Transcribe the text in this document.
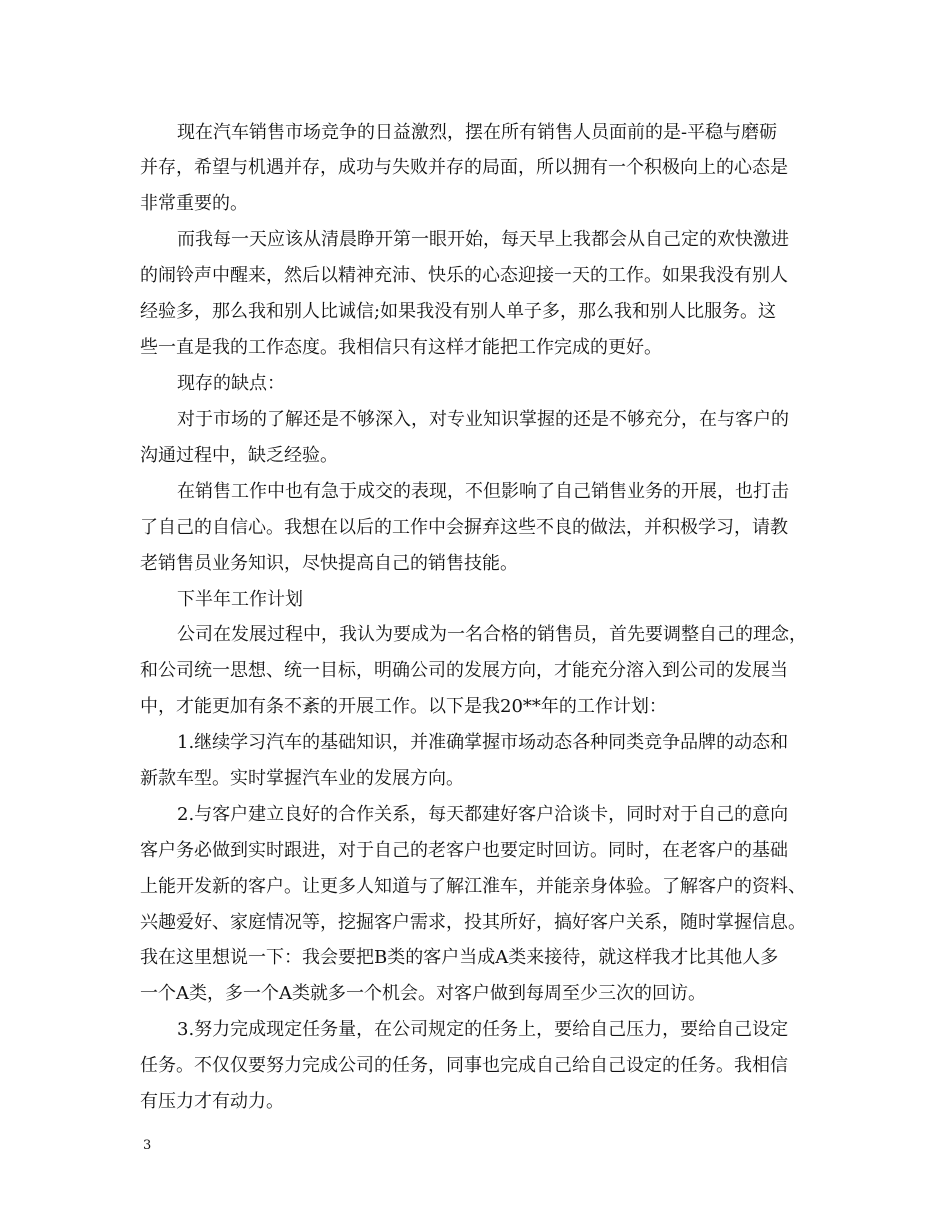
现在汽车销售市场竞争的日益激烈，摆在所有销售人员面前的是-平稳与磨砺
并存，希望与机遇并存，成功与失败并存的局面，所以拥有一个积极向上的心态是
非常重要的。
而我每一天应该从清晨睁开第一眼开始，每天早上我都会从自己定的欢快激进
的闹铃声中醒来，然后以精神充沛、快乐的心态迎接一天的工作。如果我没有别人
经验多，那么我和别人比诚信;如果我没有别人单子多，那么我和别人比服务。这
些一直是我的工作态度。我相信只有这样才能把工作完成的更好。
现存的缺点：
对于市场的了解还是不够深入，对专业知识掌握的还是不够充分，在与客户的
沟通过程中，缺乏经验。
在销售工作中也有急于成交的表现，不但影响了自己销售业务的开展，也打击
了自己的自信心。我想在以后的工作中会摒弃这些不良的做法，并积极学习，请教
老销售员业务知识，尽快提高自己的销售技能。
下半年工作计划
公司在发展过程中，我认为要成为一名合格的销售员，首先要调整自己的理念，
和公司统一思想、统一目标，明确公司的发展方向，才能充分溶入到公司的发展当
中，才能更加有条不紊的开展工作。以下是我20**年的工作计划：
1.继续学习汽车的基础知识，并准确掌握市场动态各种同类竞争品牌的动态和
新款车型。实时掌握汽车业的发展方向。
2.与客户建立良好的合作关系，每天都建好客户洽谈卡，同时对于自己的意向
客户务必做到实时跟进，对于自己的老客户也要定时回访。同时，在老客户的基础
上能开发新的客户。让更多人知道与了解江淮车，并能亲身体验。了解客户的资料、
兴趣爱好、家庭情况等，挖掘客户需求，投其所好，搞好客户关系，随时掌握信息。
我在这里想说一下：我会要把B类的客户当成A类来接待，就这样我才比其他人多
一个A类，多一个A类就多一个机会。对客户做到每周至少三次的回访。
3.努力完成现定任务量，在公司规定的任务上，要给自己压力，要给自己设定
任务。不仅仅要努力完成公司的任务，同事也完成自己给自己设定的任务。我相信
有压力才有动力。
3
